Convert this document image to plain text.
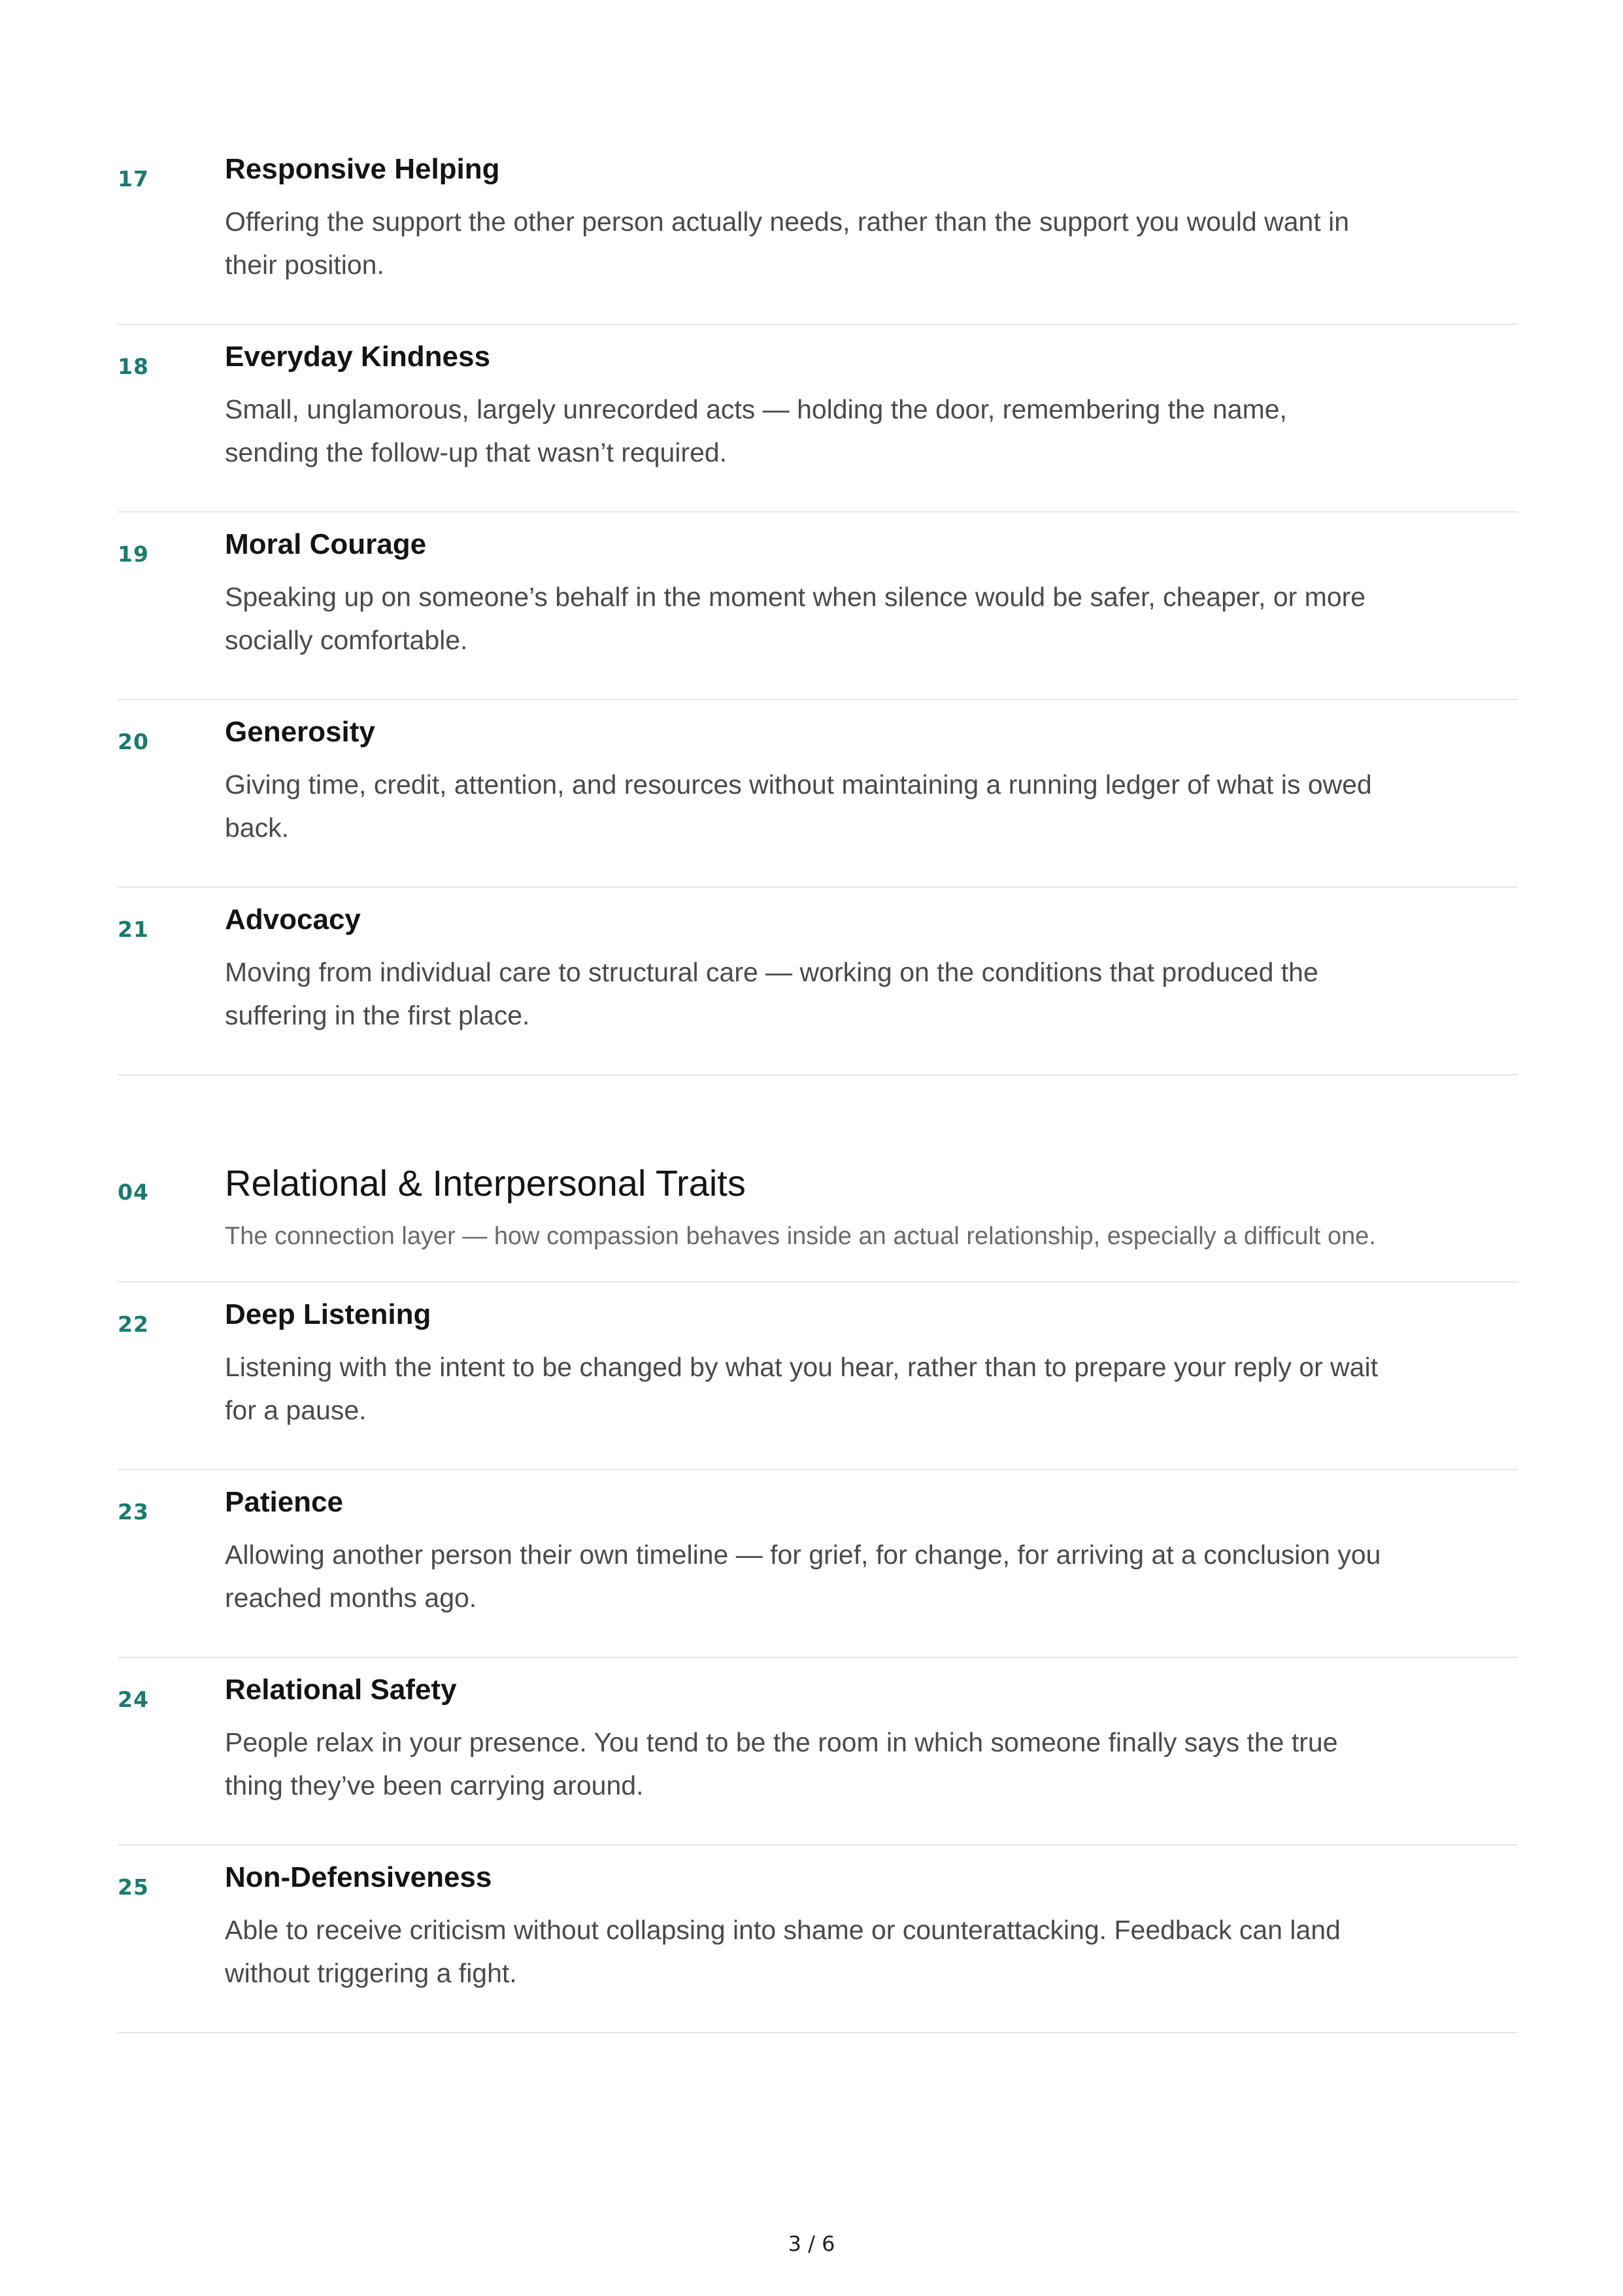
17	Responsive Helping
Offering the support the other person actually needs, rather than the support you would want in their position.
18	Everyday Kindness
Small, unglamorous, largely unrecorded acts — holding the door, remembering the name, sending the follow-up that wasn’t required.
19	Moral Courage
Speaking up on someone’s behalf in the moment when silence would be safer, cheaper, or more socially comfortable.
20	Generosity
Giving time, credit, attention, and resources without maintaining a running ledger of what is owed back.
21	Advocacy
Moving from individual care to structural care — working on the conditions that produced the suffering in the first place.
04 Relational & Interpersonal Traits
The connection layer — how compassion behaves inside an actual relationship, especially a difficult one.
22	Deep Listening
Listening with the intent to be changed by what you hear, rather than to prepare your reply or wait for a pause.
23	Patience
Allowing another person their own timeline — for grief, for change, for arriving at a conclusion you reached months ago.
24	Relational Safety
People relax in your presence. You tend to be the room in which someone finally says the true thing they’ve been carrying around.
25	Non-Defensiveness
Able to receive criticism without collapsing into shame or counterattacking. Feedback can land without triggering a fight.
3 / 6
